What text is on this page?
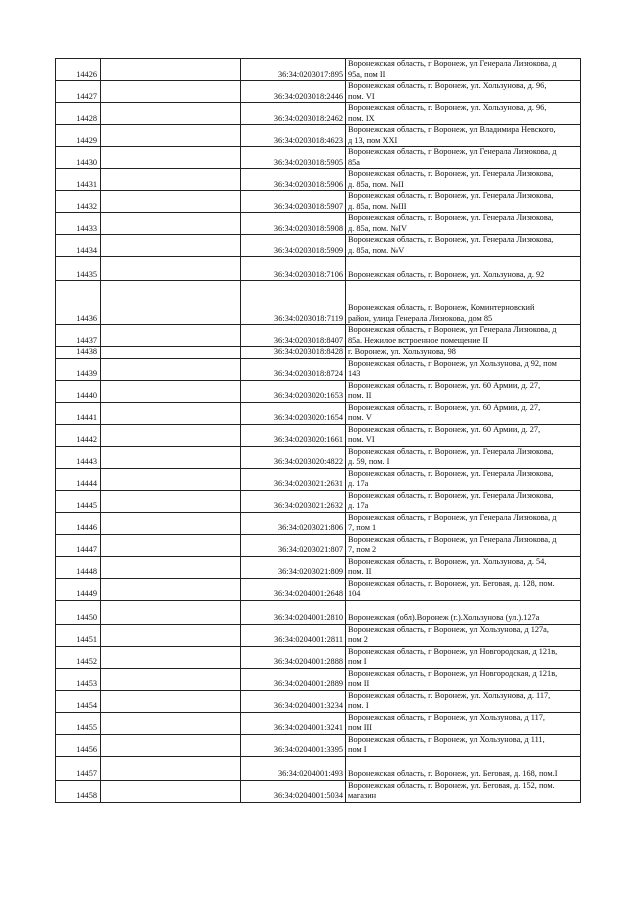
14426		36:34:0203017:895	Воронежская область, г Воронеж, ул Генерала Лизюкова, д
95а, пом II

14427		36:34:0203018:2446	Воронежская область, г. Воронеж, ул. Хользунова, д. 96,
пом. VI

14428		36:34:0203018:2462	Воронежская область, г. Воронеж, ул. Хользунова, д. 96,
пом. IX

14429		36:34:0203018:4623	Воронежская область, г Воронеж, ул Владимира Невского,
д 13, пом XXI

14430		36:34:0203018:5905	Воронежская область, г Воронеж, ул Генерала Лизюкова, д
85а

14431		36:34:0203018:5906	Воронежская область, г. Воронеж, ул. Генерала Лизюкова,
д. 85а, пом. №II

14432		36:34:0203018:5907	Воронежская область, г. Воронеж, ул. Генерала Лизюкова,
д. 85а, пом. №III

14433		36:34:0203018:5908	Воронежская область, г. Воронеж, ул. Генерала Лизюкова,
д. 85а, пом. №IV

14434		36:34:0203018:5909	Воронежская область, г. Воронеж, ул. Генерала Лизюкова,
д. 85а, пом. №V

14435		36:34:0203018:7106	Воронежская область, г. Воронеж, ул. Хользунова, д. 92

14436		36:34:0203018:7119	Воронежская область, г. Воронеж, Коминтерновский
район, улица Генерала Лизюкова, дом 85

14437		36:34:0203018:8407	Воронежская область, г Воронеж, ул Генерала Лизюкова, д
85а. Нежилое встроенное помещение II

14438		36:34:0203018:8428	г. Воронеж, ул. Хользунова, 98

14439		36:34:0203018:8724	Воронежская область, г Воронеж, ул Хользунова, д 92, пом
143

14440		36:34:0203020:1653	Воронежская область, г. Воронеж, ул. 60 Армии, д. 27,
пом. II

14441		36:34:0203020:1654	Воронежская область, г. Воронеж, ул. 60 Армии, д. 27,
пом. V

14442		36:34:0203020:1661	Воронежская область, г. Воронеж, ул. 60 Армии, д. 27,
пом. VI

14443		36:34:0203020:4822	Воронежская область, г. Воронеж, ул. Генерала Лизюкова,
д. 59, пом. I

14444		36:34:0203021:2631	Воронежская область, г. Воронеж, ул. Генерала Лизюкова,
д. 17а

14445		36:34:0203021:2632	Воронежская область, г. Воронеж, ул. Генерала Лизюкова,
д. 17а

14446		36:34:0203021:806	Воронежская область, г Воронеж, ул Генерала Лизюкова, д
7, пом 1

14447		36:34:0203021:807	Воронежская область, г Воронеж, ул Генерала Лизюкова, д
7, пом 2

14448		36:34:0203021:809	Воронежская область, г. Воронеж, ул. Хользунова, д. 54,
пом. II

14449		36:34:0204001:2648	Воронежская область, г. Воронеж, ул. Беговая, д. 128, пом.
104

14450		36:34:0204001:2810	Воронежская (обл).Воронеж (г.).Хользунова (ул.).127а

14451		36:34:0204001:2811	Воронежская область, г Воронеж, ул Хользунова, д 127а,
пом 2

14452		36:34:0204001:2888	Воронежская область, г Воронеж, ул Новгородская, д 121в,
пом I

14453		36:34:0204001:2889	Воронежская область, г Воронеж, ул Новгородская, д 121в,
пом II

14454		36:34:0204001:3234	Воронежская область, г. Воронеж, ул. Хользунова, д. 117,
пом. I

14455		36:34:0204001:3241	Воронежская область, г Воронеж, ул Хользунова, д 117,
пом III

14456		36:34:0204001:3395	Воронежская область, г Воронеж, ул Хользунова, д 111,
пом I

14457		36:34:0204001:493	Воронежская область, г. Воронеж, ул. Беговая, д. 168, пом.I

14458		36:34:0204001:5034	Воронежская область, г. Воронеж, ул. Беговая, д. 152, пом.
магазин
